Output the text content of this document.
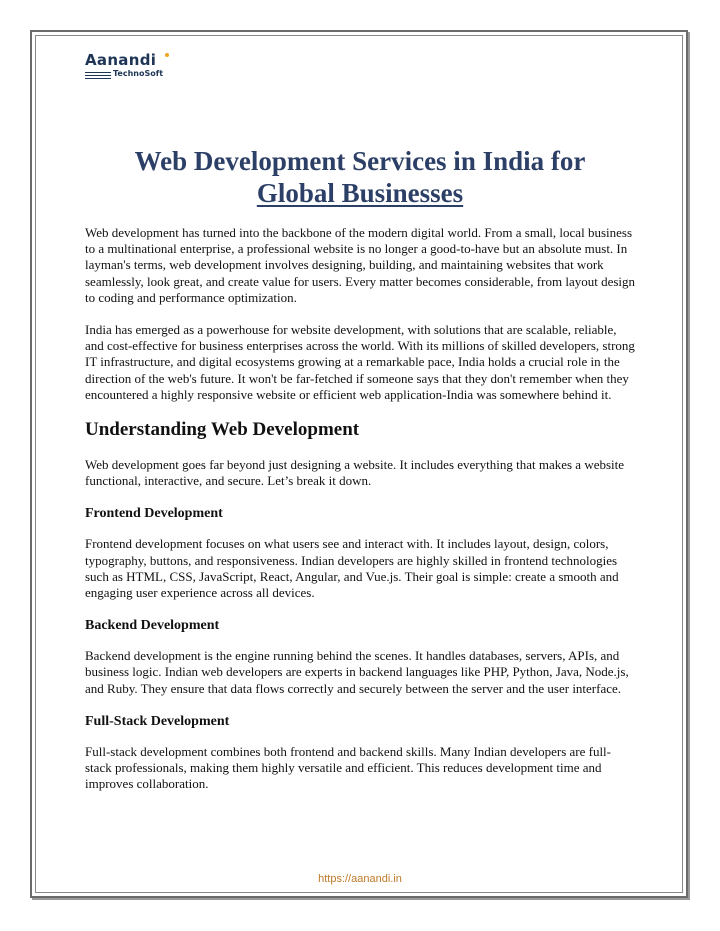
Aanandi
TechnoSoft
Web Development Services in India for
Global Businesses

Web development has turned into the backbone of the modern digital world. From a small, local business to a multinational enterprise, a professional website is no longer a good-to-have but an absolute must. In layman's terms, web development involves designing, building, and maintaining websites that work seamlessly, look great, and create value for users. Every matter becomes considerable, from layout design to coding and performance optimization.

India has emerged as a powerhouse for website development, with solutions that are scalable, reliable, and cost-effective for business enterprises across the world. With its millions of skilled developers, strong IT infrastructure, and digital ecosystems growing at a remarkable pace, India holds a crucial role in the direction of the web's future. It won't be far-fetched if someone says that they don't remember when they encountered a highly responsive website or efficient web application-India was somewhere behind it.

Understanding Web Development

Web development goes far beyond just designing a website. It includes everything that makes a website functional, interactive, and secure. Let’s break it down.

Frontend Development

Frontend development focuses on what users see and interact with. It includes layout, design, colors, typography, buttons, and responsiveness. Indian developers are highly skilled in frontend technologies such as HTML, CSS, JavaScript, React, Angular, and Vue.js. Their goal is simple: create a smooth and engaging user experience across all devices.

Backend Development

Backend development is the engine running behind the scenes. It handles databases, servers, APIs, and business logic. Indian web developers are experts in backend languages like PHP, Python, Java, Node.js, and Ruby. They ensure that data flows correctly and securely between the server and the user interface.

Full-Stack Development

Full-stack development combines both frontend and backend skills. Many Indian developers are full-stack professionals, making them highly versatile and efficient. This reduces development time and improves collaboration.

https://aanandi.in
